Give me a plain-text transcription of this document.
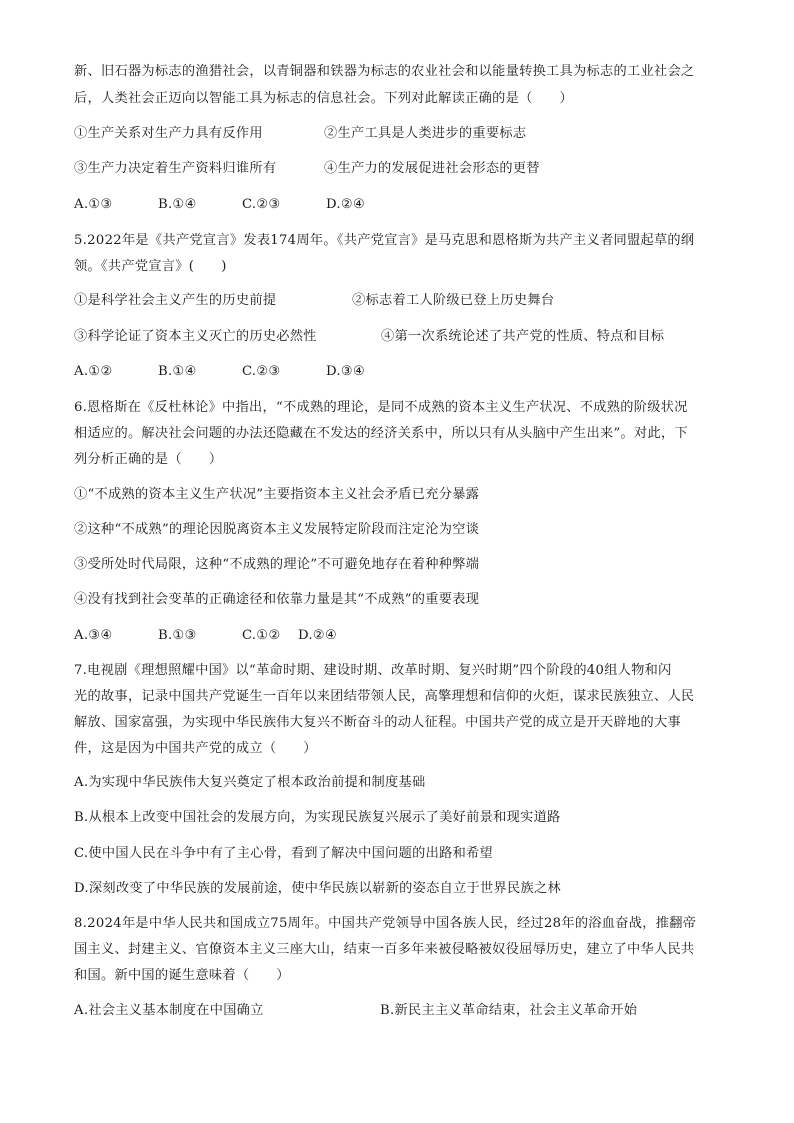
新、旧石器为标志的渔猎社会，以青铜器和铁器为标志的农业社会和以能量转换工具为标志的工业社会之
后，人类社会正迈向以智能工具为标志的信息社会。下列对此解读正确的是（　　）
①生产关系对生产力具有反作用	②生产工具是人类进步的重要标志
③生产力决定着生产资料归谁所有	④生产力的发展促进社会形态的更替
A.①③	B.①④	C.②③	D.②④
5.2022年是《共产党宣言》发表174周年。《共产党宣言》是马克思和恩格斯为共产主义者同盟起草的纲
领。《共产党宣言》(　　)
①是科学社会主义产生的历史前提	②标志着工人阶级已登上历史舞台
③科学论证了资本主义灭亡的历史必然性	④第一次系统论述了共产党的性质、特点和目标
A.①②	B.①④	C.②③	D.③④
6.恩格斯在《反杜林论》中指出，“不成熟的理论，是同不成熟的资本主义生产状况、不成熟的阶级状况
相适应的。解决社会问题的办法还隐藏在不发达的经济关系中，所以只有从头脑中产生出来”。对此，下
列分析正确的是（　　）
①“不成熟的资本主义生产状况”主要指资本主义社会矛盾已充分暴露
②这种“不成熟”的理论因脱离资本主义发展特定阶段而注定沦为空谈
③受所处时代局限，这种“不成熟的理论”不可避免地存在着种种弊端
④没有找到社会变革的正确途径和依靠力量是其“不成熟”的重要表现
A.③④	B.①③	C.①② D.②④
7.电视剧《理想照耀中国》以“革命时期、建设时期、改革时期、复兴时期”四个阶段的40组人物和闪
光的故事，记录中国共产党诞生一百年以来团结带领人民，高擎理想和信仰的火炬，谋求民族独立、人民
解放、国家富强，为实现中华民族伟大复兴不断奋斗的动人征程。中国共产党的成立是开天辟地的大事
件，这是因为中国共产党的成立（　　）
A.为实现中华民族伟大复兴奠定了根本政治前提和制度基础
B.从根本上改变中国社会的发展方向，为实现民族复兴展示了美好前景和现实道路
C.使中国人民在斗争中有了主心骨，看到了解决中国问题的出路和希望
D.深刻改变了中华民族的发展前途，使中华民族以崭新的姿态自立于世界民族之林
8.2024年是中华人民共和国成立75周年。中国共产党领导中国各族人民，经过28年的浴血奋战，推翻帝
国主义、封建主义、官僚资本主义三座大山，结束一百多年来被侵略被奴役屈辱历史，建立了中华人民共
和国。新中国的诞生意味着（　　）
A.社会主义基本制度在中国确立	B.新民主主义革命结束，社会主义革命开始
